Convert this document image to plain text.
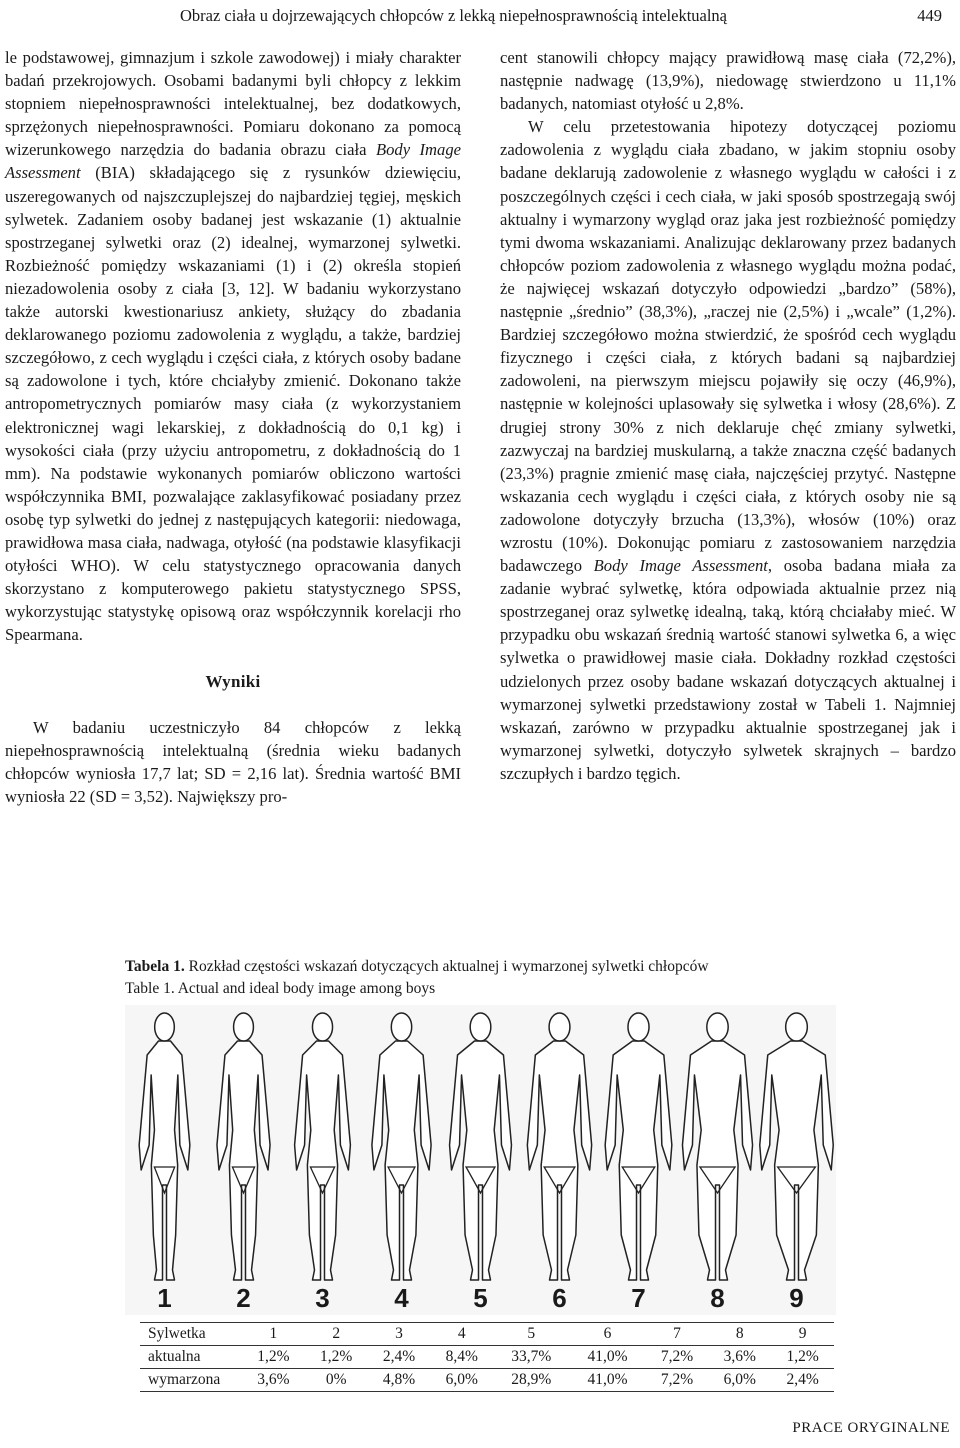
Obraz ciała u dojrzewających chłopców z lekką niepełnosprawnością intelektualną	449

le podstawowej, gimnazjum i szkole zawodowej) i miały charakter badań przekrojowych. Osobami badanymi byli chłopcy z lekkim stopniem niepełnosprawności intelektualnej, bez dodatkowych, sprzężonych niepełnosprawności. Pomiaru dokonano za pomocą wizerunkowego narzędzia do badania obrazu ciała Body Image Assessment (BIA) składającego się z rysunków dziewięciu, uszeregowanych od najszczuplejszej do najbardziej tęgiej, męskich sylwetek. Zadaniem osoby badanej jest wskazanie (1) aktualnie spostrzeganej sylwetki oraz (2) idealnej, wymarzonej sylwetki. Rozbieżność pomiędzy wskazaniami (1) i (2) określa stopień niezadowolenia osoby z ciała [3, 12]. W badaniu wykorzystano także autorski kwestionariusz ankiety, służący do zbadania deklarowanego poziomu zadowolenia z wyglądu, a także, bardziej szczegółowo, z cech wyglądu i części ciała, z których osoby badane są zadowolone i tych, które chciałyby zmienić. Dokonano także antropometrycznych pomiarów masy ciała (z wykorzystaniem elektronicznej wagi lekarskiej, z dokładnością do 0,1 kg) i wysokości ciała (przy użyciu antropometru, z dokładnością do 1 mm). Na podstawie wykonanych pomiarów obliczono wartości współczynnika BMI, pozwalające zaklasyfikować posiadany przez osobę typ sylwetki do jednej z następujących kategorii: niedowaga, prawidłowa masa ciała, nadwaga, otyłość (na podstawie klasyfikacji otyłości WHO). W celu statystycznego opracowania danych skorzystano z komputerowego pakietu statystycznego SPSS, wykorzystując statystykę opisową oraz współczynnik korelacji rho Spearmana.

Wyniki

W badaniu uczestniczyło 84 chłopców z lekką niepełnosprawnością intelektualną (średnia wieku badanych chłopców wyniosła 17,7 lat; SD = 2,16 lat). Średnia wartość BMI wyniosła 22 (SD = 3,52). Największy pro-

cent stanowili chłopcy mający prawidłową masę ciała (72,2%), następnie nadwagę (13,9%), niedowagę stwierdzono u 11,1% badanych, natomiast otyłość u 2,8%.

W celu przetestowania hipotezy dotyczącej poziomu zadowolenia z wyglądu ciała zbadano, w jakim stopniu osoby badane deklarują zadowolenie z własnego wyglądu w całości i z poszczególnych części i cech ciała, w jaki sposób spostrzegają swój aktualny i wymarzony wygląd oraz jaka jest rozbieżność pomiędzy tymi dwoma wskazaniami. Analizując deklarowany przez badanych chłopców poziom zadowolenia z własnego wyglądu można podać, że najwięcej wskazań dotyczyło odpowiedzi „bardzo” (58%), następnie „średnio” (38,3%), „raczej nie (2,5%) i „wcale” (1,2%). Bardziej szczegółowo można stwierdzić, że spośród cech wyglądu fizycznego i części ciała, z których badani są najbardziej zadowoleni, na pierwszym miejscu pojawiły się oczy (46,9%), następnie w kolejności uplasowały się sylwetka i włosy (28,6%). Z drugiej strony 30% z nich deklaruje chęć zmiany sylwetki, zazwyczaj na bardziej muskularną, a także znaczna część badanych (23,3%) pragnie zmienić masę ciała, najczęściej przytyć. Następne wskazania cech wyglądu i części ciała, z których osoby nie są zadowolone dotyczyły brzucha (13,3%), włosów (10%) oraz wzrostu (10%). Dokonując pomiaru z zastosowaniem narzędzia badawczego Body Image Assessment, osoba badana miała za zadanie wybrać sylwetkę, która odpowiada aktualnie przez nią spostrzeganej oraz sylwetkę idealną, taką, którą chciałaby mieć. W przypadku obu wskazań średnią wartość stanowi sylwetka 6, a więc sylwetka o prawidłowej masie ciała. Dokładny rozkład częstości udzielonych przez osoby badane wskazań dotyczących aktualnej i wymarzonej sylwetki przedstawiony został w Tabeli 1. Najmniej wskazań, zarówno w przypadku aktualnie spostrzeganej jak i wymarzonej sylwetki, dotyczyło sylwetek skrajnych – bardzo szczupłych i bardzo tęgich.

Tabela 1. Rozkład częstości wskazań dotyczących aktualnej i wymarzonej sylwetki chłopców
Table 1. Actual and ideal body image among boys
1 2 3 4 5 6 7 8 9
Sylwetka	1	2	3	4	5	6	7	8	9
aktualna	1,2%	1,2%	2,4%	8,4%	33,7%	41,0%	7,2%	3,6%	1,2%
wymarzona	3,6%	0%	4,8%	6,0%	28,9%	41,0%	7,2%	6,0%	2,4%
PRACE ORYGINALNE
